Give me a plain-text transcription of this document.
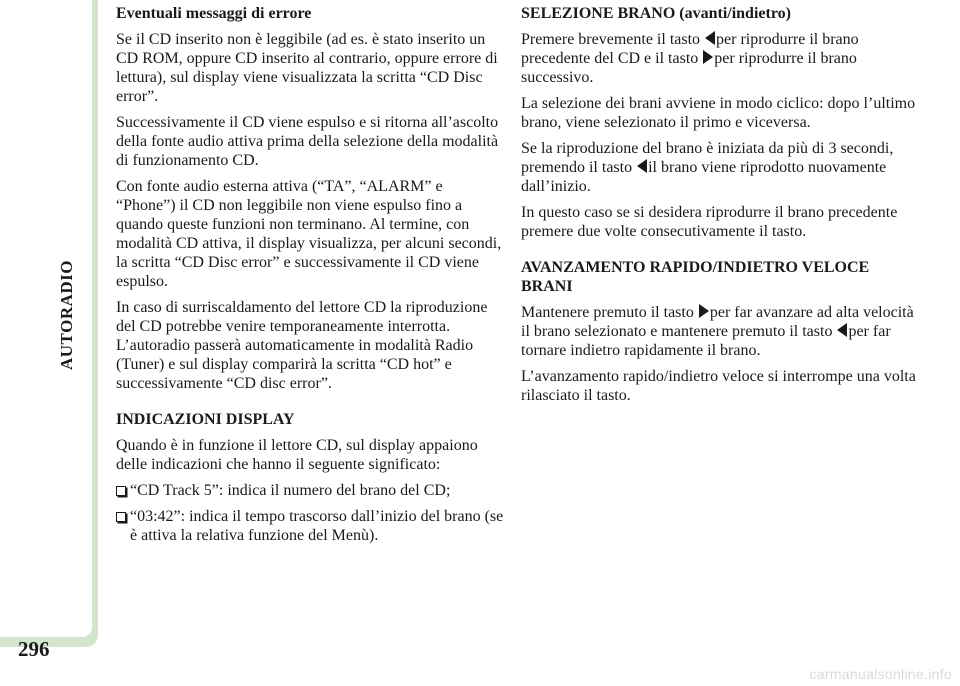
AUTORADIO
296
Eventuali messaggi di errore

Se il CD inserito non è leggibile (ad es. è stato inserito un CD ROM, oppure CD inserito al contrario, oppure errore di lettura), sul display viene visualizzata la scritta “CD Disc error”.

Successivamente il CD viene espulso e si ritorna all’ascolto della fonte audio attiva prima della selezione della modalità di funzionamento CD.

Con fonte audio esterna attiva (“TA”, “ALARM” e “Phone”) il CD non leggibile non viene espulso fino a quando queste funzioni non terminano. Al termine, con modalità CD attiva, il display visualizza, per alcuni secondi, la scritta “CD Disc error” e successivamente il CD viene espulso.

In caso di surriscaldamento del lettore CD la riproduzione del CD potrebbe venire temporaneamente interrotta. L’autoradio passerà automaticamente in modalità Radio (Tuner) e sul display comparirà la scritta “CD hot” e successivamente “CD disc error”.

INDICAZIONI DISPLAY

Quando è in funzione il lettore CD, sul display appaiono delle indicazioni che hanno il seguente significato:

“CD Track 5”: indica il numero del brano del CD;
“03:42”: indica il tempo trascorso dall’inizio del brano (se è attiva la relativa funzione del Menù).
SELEZIONE BRANO (avanti/indietro)

Premere brevemente il tasto per riprodurre il brano precedente del CD e il tasto per riprodurre il brano successivo.

La selezione dei brani avviene in modo ciclico: dopo l’ultimo brano, viene selezionato il primo e viceversa.

Se la riproduzione del brano è iniziata da più di 3 secondi, premendo il tasto il brano viene riprodotto nuovamente dall’inizio.

In questo caso se si desidera riprodurre il brano precedente premere due volte consecutivamente il tasto.

AVANZAMENTO RAPIDO/INDIETRO VELOCE BRANI

Mantenere premuto il tasto per far avanzare ad alta velocità il brano selezionato e mantenere premuto il tasto per far tornare indietro rapidamente il brano.

L’avanzamento rapido/indietro veloce si interrompe una volta rilasciato il tasto.

carmanualsonline.info
